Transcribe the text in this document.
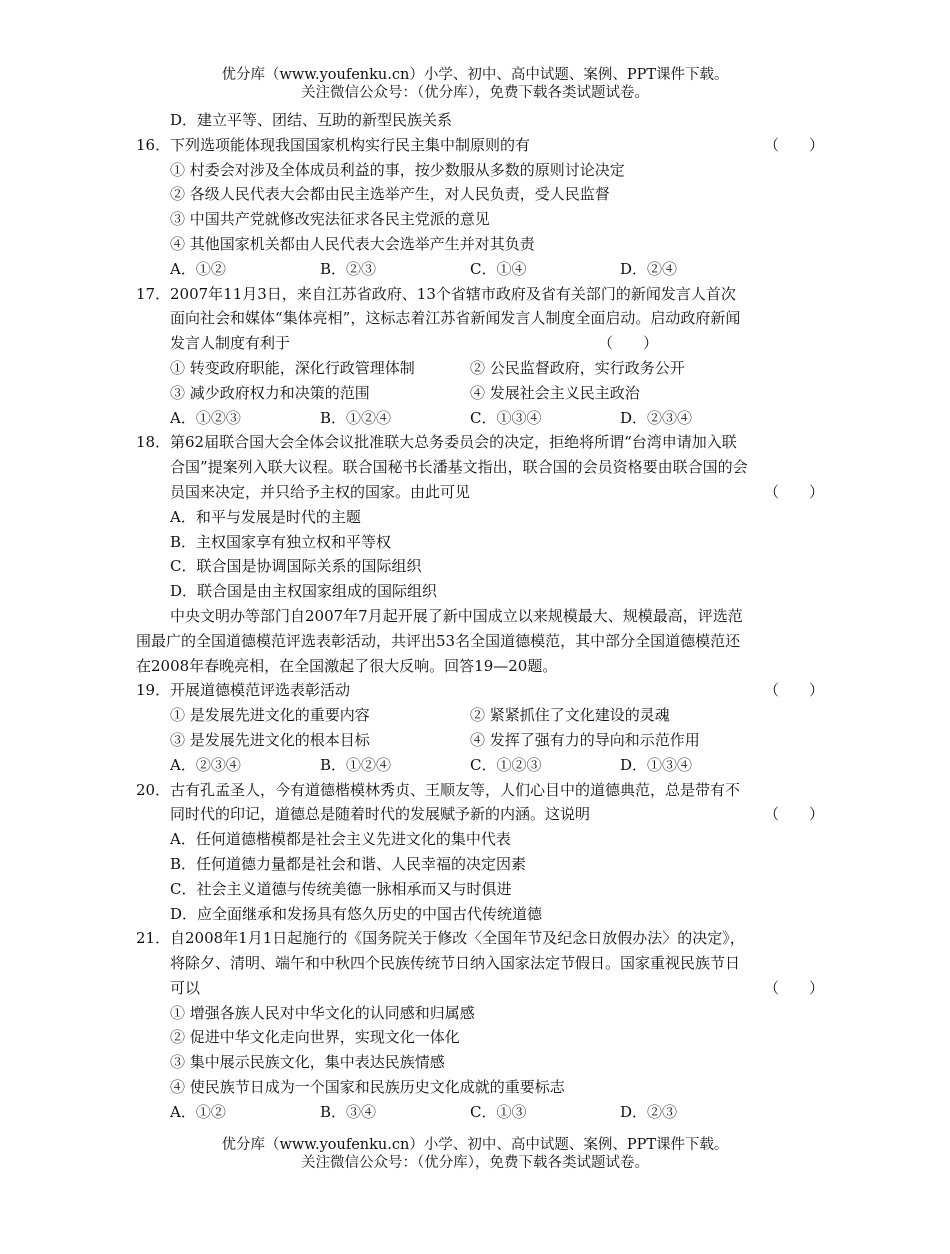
优分库（www.youfenku.cn）小学、初中、高中试题、案例、PPT课件下载。
关注微信公众号：（优分库），免费下载各类试题试卷。
D．建立平等、团结、互助的新型民族关系
16． 下列选项能体现我国国家机构实行民主集中制原则的有	（　　）
① 村委会对涉及全体成员利益的事，按少数服从多数的原则讨论决定
② 各级人民代表大会都由民主选举产生，对人民负责，受人民监督
③ 中国共产党就修改宪法征求各民主党派的意见
④ 其他国家机关都由人民代表大会选举产生并对其负责
A．①②	B．②③	C．①④	D．②④
17． 2007年11月3日，来自江苏省政府、13个省辖市政府及省有关部门的新闻发言人首次
面向社会和媒体“集体亮相”，这标志着江苏省新闻发言人制度全面启动。启动政府新闻
发言人制度有利于	（　　）
① 转变政府职能，深化行政管理体制	② 公民监督政府，实行政务公开
③ 减少政府权力和决策的范围	④ 发展社会主义民主政治
A．①②③	B．①②④	C．①③④	D．②③④
18． 第62届联合国大会全体会议批准联大总务委员会的决定，拒绝将所谓“台湾申请加入联
合国”提案列入联大议程。联合国秘书长潘基文指出，联合国的会员资格要由联合国的会
员国来决定，并只给予主权的国家。由此可见	（　　）
A．和平与发展是时代的主题
B．主权国家享有独立权和平等权
C．联合国是协调国际关系的国际组织
D．联合国是由主权国家组成的国际组织
中央文明办等部门自2007年7月起开展了新中国成立以来规模最大、规模最高，评选范
围最广的全国道德模范评选表彰活动，共评出53名全国道德模范，其中部分全国道德模范还
在2008年春晚亮相，在全国激起了很大反响。回答19—20题。
19． 开展道德模范评选表彰活动	（　　）
① 是发展先进文化的重要内容	② 紧紧抓住了文化建设的灵魂
③ 是发展先进文化的根本目标	④ 发挥了强有力的导向和示范作用
A．②③④	B．①②④	C．①②③	D．①③④
20． 古有孔孟圣人，今有道德楷模林秀贞、王顺友等，人们心目中的道德典范，总是带有不
同时代的印记，道德总是随着时代的发展赋予新的内涵。这说明	（　　）
A．任何道德楷模都是社会主义先进文化的集中代表
B．任何道德力量都是社会和谐、人民幸福的决定因素
C．社会主义道德与传统美德一脉相承而又与时俱进
D．应全面继承和发扬具有悠久历史的中国古代传统道德
21． 自2008年1月1日起施行的《国务院关于修改〈全国年节及纪念日放假办法〉的决定》，
将除夕、清明、端午和中秋四个民族传统节日纳入国家法定节假日。国家重视民族节日
可以	（　　）
① 增强各族人民对中华文化的认同感和归属感
② 促进中华文化走向世界，实现文化一体化
③ 集中展示民族文化，集中表达民族情感
④ 使民族节日成为一个国家和民族历史文化成就的重要标志
A．①②	B．③④	C．①③	D．②③
优分库（www.youfenku.cn）小学、初中、高中试题、案例、PPT课件下载。
关注微信公众号：（优分库），免费下载各类试题试卷。
